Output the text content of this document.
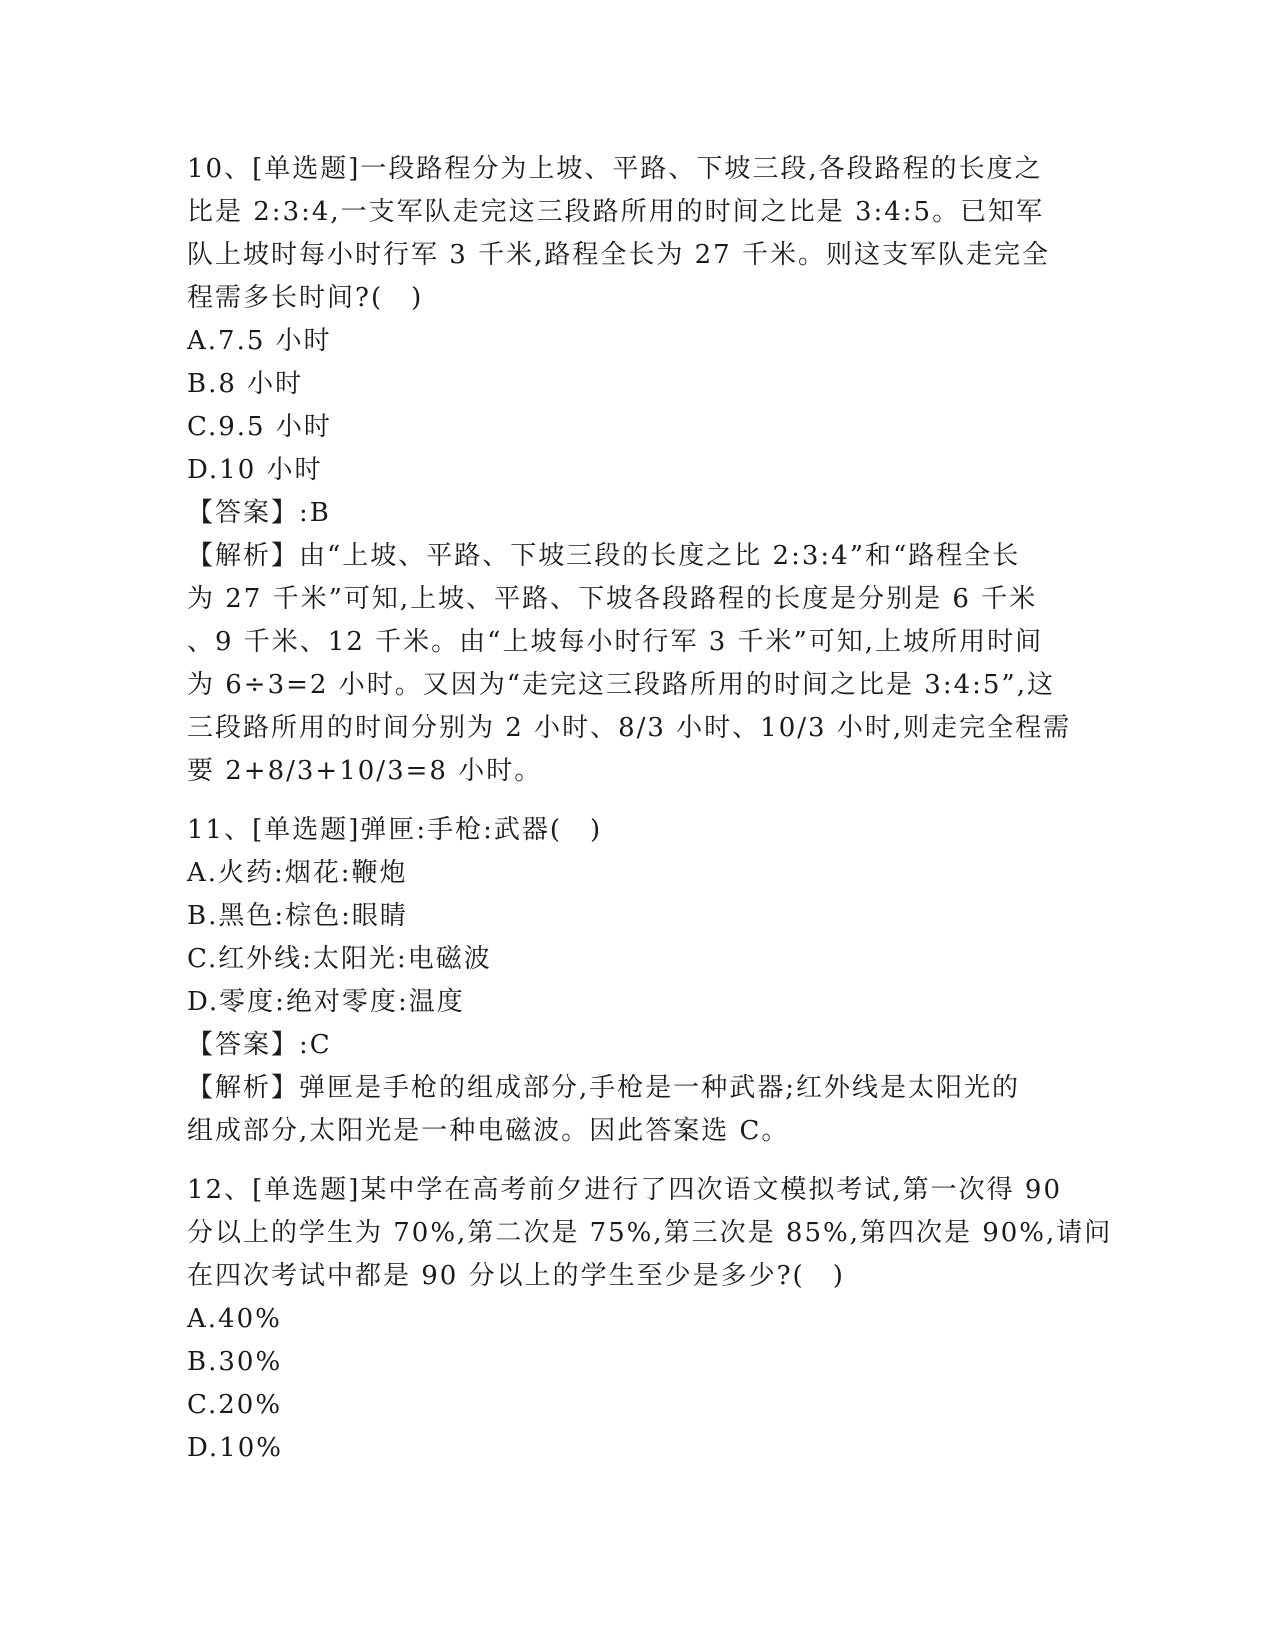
10、[单选题]一段路程分为上坡、平路、下坡三段,各段路程的长度之
比是 2:3:4,一支军队走完这三段路所用的时间之比是 3:4:5。已知军
队上坡时每小时行军 3 千米,路程全长为 27 千米。则这支军队走完全
程需多长时间?(　)
A.7.5 小时
B.8 小时
C.9.5 小时
D.10 小时
【答案】:B
【解析】由“上坡、平路、下坡三段的长度之比 2:3:4”和“路程全长
为 27 千米”可知,上坡、平路、下坡各段路程的长度是分别是 6 千米
、9 千米、12 千米。由“上坡每小时行军 3 千米”可知,上坡所用时间
为 6÷3=2 小时。又因为“走完这三段路所用的时间之比是 3:4:5”,这
三段路所用的时间分别为 2 小时、8/3 小时、10/3 小时,则走完全程需
要 2+8/3+10/3=8 小时。
11、[单选题]弹匣:手枪:武器(　)
A.火药:烟花:鞭炮
B.黑色:棕色:眼睛
C.红外线:太阳光:电磁波
D.零度:绝对零度:温度
【答案】:C
【解析】弹匣是手枪的组成部分,手枪是一种武器;红外线是太阳光的
组成部分,太阳光是一种电磁波。因此答案选 C。
12、[单选题]某中学在高考前夕进行了四次语文模拟考试,第一次得 90
分以上的学生为 70%,第二次是 75%,第三次是 85%,第四次是 90%,请问
在四次考试中都是 90 分以上的学生至少是多少?(　)
A.40%
B.30%
C.20%
D.10%
